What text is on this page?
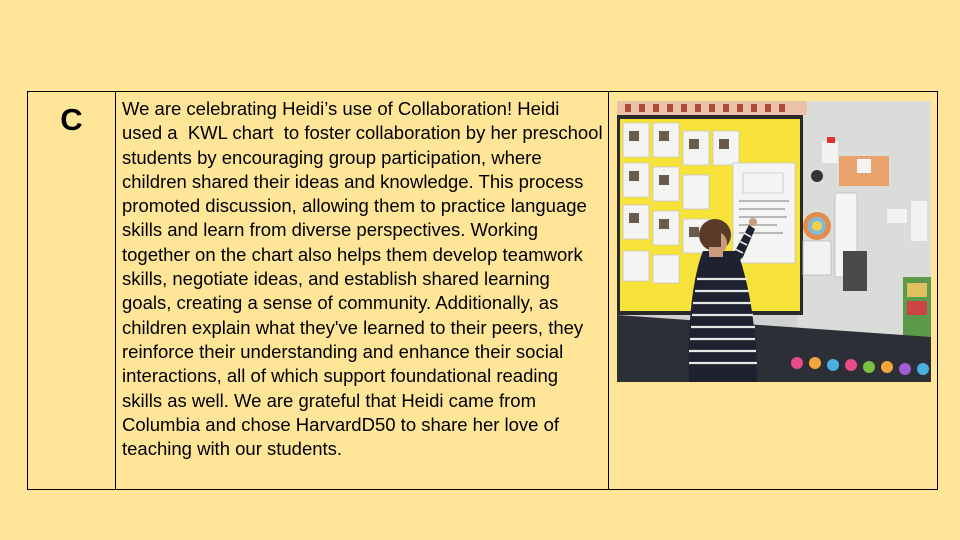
C	We are celebrating Heidi’s use of Collaboration! Heidi used a  KWL chart  to foster collaboration by her preschool students by encouraging group participation, where children shared their ideas and knowledge. This process promoted discussion, allowing them to practice language skills and learn from diverse perspectives. Working together on the chart also helps them develop teamwork skills, negotiate ideas, and establish shared learning goals, creating a sense of community. Additionally, as children explain what they've learned to their peers, they reinforce their understanding and enhance their social interactions, all of which support foundational reading skills as well. We are grateful that Heidi came from Columbia and chose HarvardD50 to share her love of teaching with our students.
